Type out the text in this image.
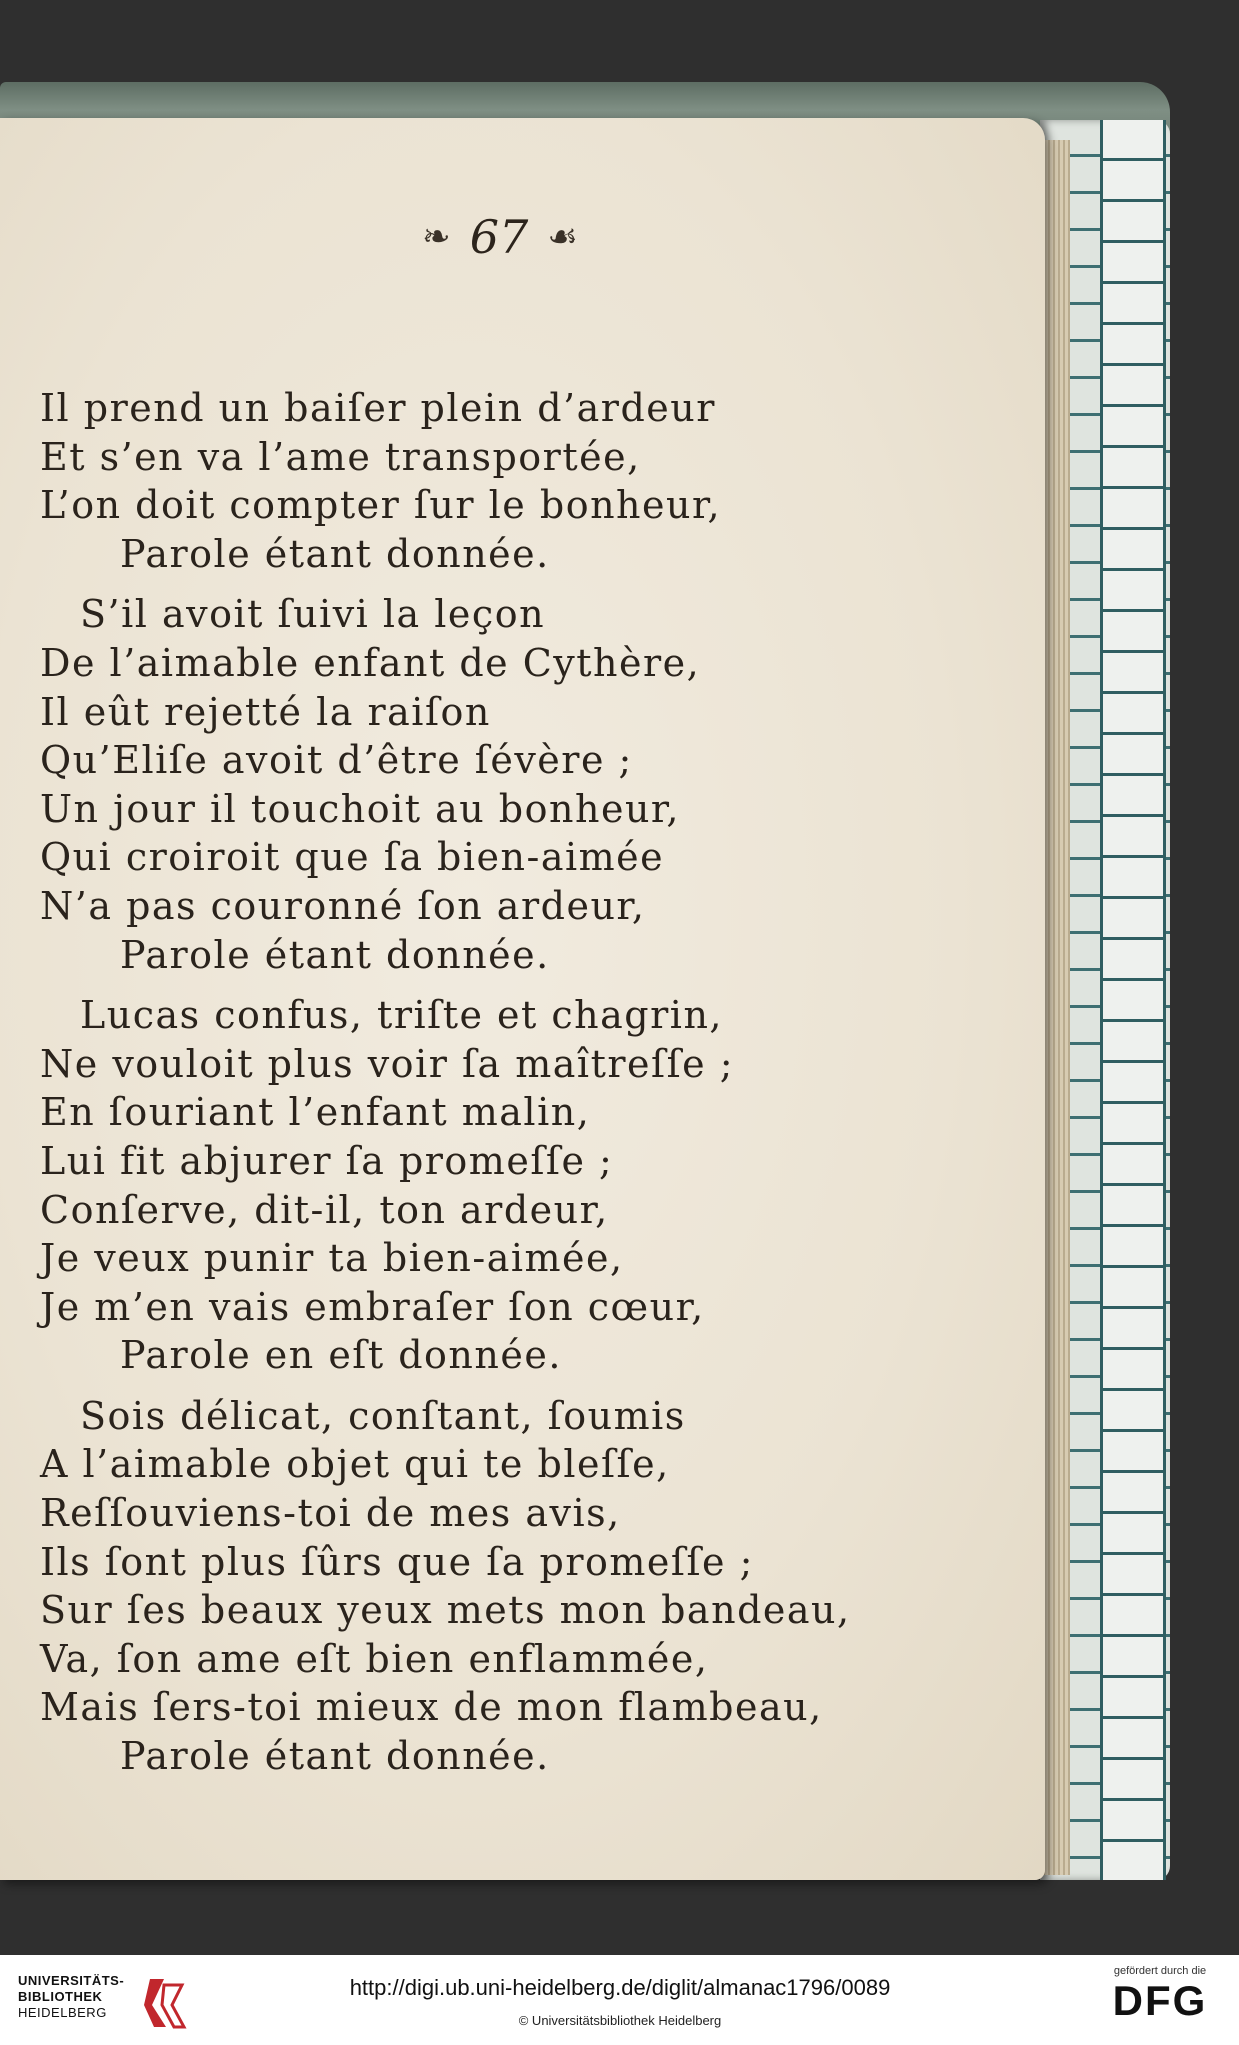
❧ 67 ☙
Il prend un baiſer plein d’ardeur
Et s’en va l’ame transportée,
L’on doit compter ſur le bonheur,
Parole étant donnée.
S’il avoit ſuivi la leçon
De l’aimable enfant de Cythère,
Il eût rejetté la raiſon
Qu’Eliſe avoit d’être ſévère ;
Un jour il touchoit au bonheur,
Qui croiroit que ſa bien-aimée
N’a pas couronné ſon ardeur,
Parole étant donnée.
Lucas confus, triſte et chagrin,
Ne vouloit plus voir ſa maîtreſſe ;
En ſouriant l’enfant malin,
Lui fit abjurer ſa promeſſe ;
Conſerve, dit-il, ton ardeur,
Je veux punir ta bien-aimée,
Je m’en vais embraſer ſon cœur,
Parole en eſt donnée.
Sois délicat, conſtant, ſoumis
A l’aimable objet qui te bleſſe,
Reſſouviens-toi de mes avis,
Ils ſont plus ſûrs que ſa promeſſe ;
Sur ſes beaux yeux mets mon bandeau,
Va, ſon ame eſt bien enflammée,
Mais ſers-toi mieux de mon flambeau,
Parole étant donnée.
UNIVERSITÄTS-
BIBLIOTHEK
HEIDELBERG
http://digi.ub.uni-heidelberg.de/diglit/almanac1796/0089
© Universitätsbibliothek Heidelberg
gefördert durch die
DFG
